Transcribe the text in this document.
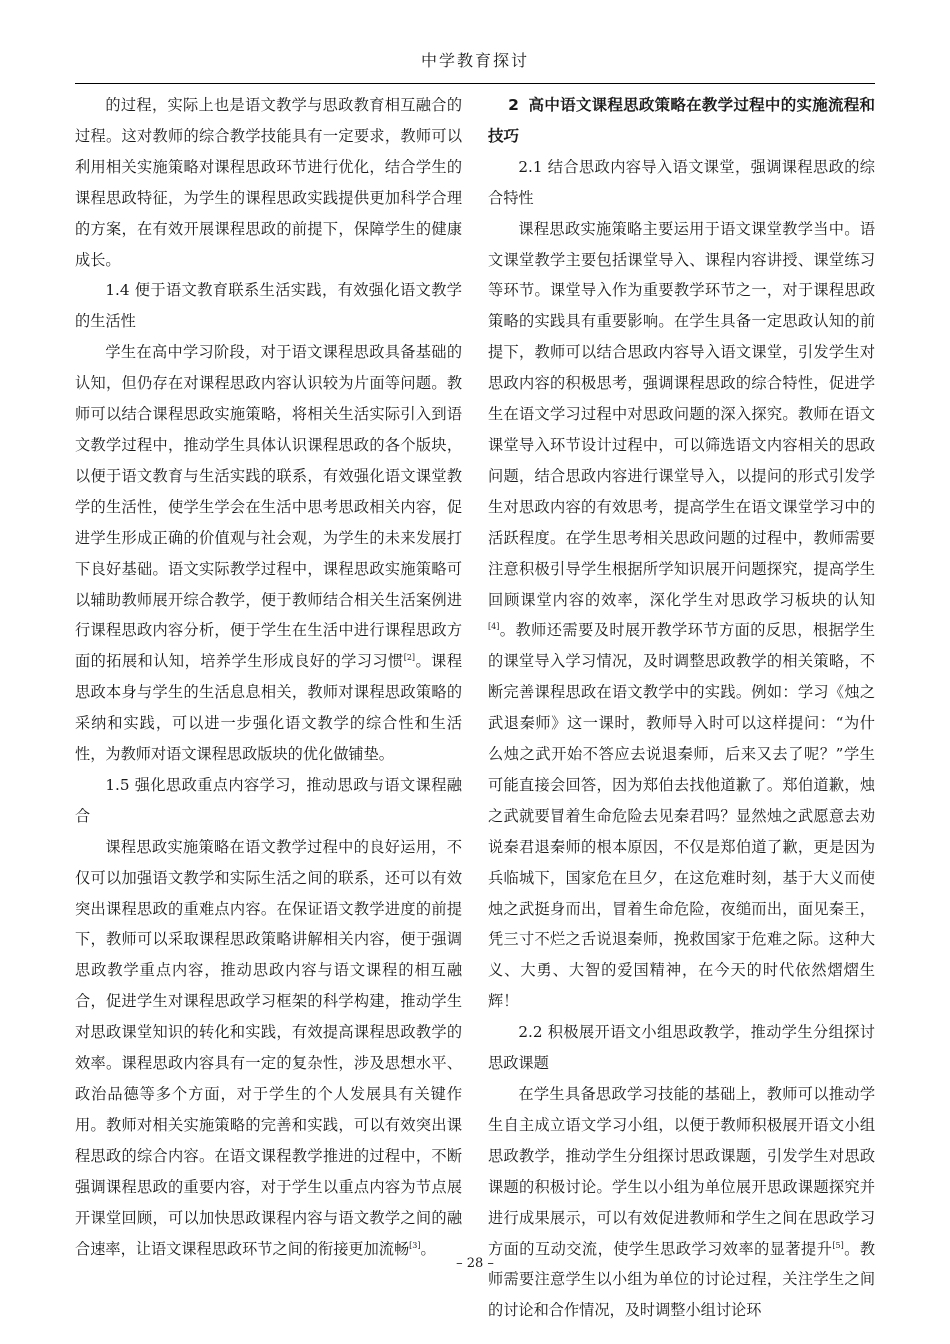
中学教育探讨

的过程，实际上也是语文教学与思政教育相互融合的过程。这对教师的综合教学技能具有一定要求，教师可以利用相关实施策略对课程思政环节进行优化，结合学生的课程思政特征，为学生的课程思政实践提供更加科学合理的方案，在有效开展课程思政的前提下，保障学生的健康成长。

1.4 便于语文教育联系生活实践，有效强化语文教学的生活性

学生在高中学习阶段，对于语文课程思政具备基础的认知，但仍存在对课程思政内容认识较为片面等问题。教师可以结合课程思政实施策略，将相关生活实际引入到语文教学过程中，推动学生具体认识课程思政的各个版块，以便于语文教育与生活实践的联系，有效强化语文课堂教学的生活性，使学生学会在生活中思考思政相关内容，促进学生形成正确的价值观与社会观，为学生的未来发展打下良好基础。语文实际教学过程中，课程思政实施策略可以辅助教师展开综合教学，便于教师结合相关生活案例进行课程思政内容分析，便于学生在生活中进行课程思政方面的拓展和认知，培养学生形成良好的学习习惯[2]。课程思政本身与学生的生活息息相关，教师对课程思政策略的采纳和实践，可以进一步强化语文教学的综合性和生活性，为教师对语文课程思政版块的优化做铺垫。

1.5 强化思政重点内容学习，推动思政与语文课程融合

课程思政实施策略在语文教学过程中的良好运用，不仅可以加强语文教学和实际生活之间的联系，还可以有效突出课程思政的重难点内容。在保证语文教学进度的前提下，教师可以采取课程思政策略讲解相关内容，便于强调思政教学重点内容，推动思政内容与语文课程的相互融合，促进学生对课程思政学习框架的科学构建，推动学生对思政课堂知识的转化和实践，有效提高课程思政教学的效率。课程思政内容具有一定的复杂性，涉及思想水平、政治品德等多个方面，对于学生的个人发展具有关键作用。教师对相关实施策略的完善和实践，可以有效突出课程思政的综合内容。在语文课程教学推进的过程中，不断强调课程思政的重要内容，对于学生以重点内容为节点展开课堂回顾，可以加快思政课程内容与语文教学之间的融合速率，让语文课程思政环节之间的衔接更加流畅[3]。

2 高中语文课程思政策略在教学过程中的实施流程和技巧
2.1 结合思政内容导入语文课堂，强调课程思政的综合特性

课程思政实施策略主要运用于语文课堂教学当中。语文课堂教学主要包括课堂导入、课程内容讲授、课堂练习等环节。课堂导入作为重要教学环节之一，对于课程思政策略的实践具有重要影响。在学生具备一定思政认知的前提下，教师可以结合思政内容导入语文课堂，引发学生对思政内容的积极思考，强调课程思政的综合特性，促进学生在语文学习过程中对思政问题的深入探究。教师在语文课堂导入环节设计过程中，可以筛选语文内容相关的思政问题，结合思政内容进行课堂导入，以提问的形式引发学生对思政内容的有效思考，提高学生在语文课堂学习中的活跃程度。在学生思考相关思政问题的过程中，教师需要注意积极引导学生根据所学知识展开问题探究，提高学生回顾课堂内容的效率，深化学生对思政学习板块的认知[4]。教师还需要及时展开教学环节方面的反思，根据学生的课堂导入学习情况，及时调整思政教学的相关策略，不断完善课程思政在语文教学中的实践。例如：学习《烛之武退秦师》这一课时，教师导入时可以这样提问：“为什么烛之武开始不答应去说退秦师，后来又去了呢？”学生可能直接会回答，因为郑伯去找他道歉了。郑伯道歉，烛之武就要冒着生命危险去见秦君吗？显然烛之武愿意去劝说秦君退秦师的根本原因，不仅是郑伯道了歉，更是因为兵临城下，国家危在旦夕，在这危难时刻，基于大义而使烛之武挺身而出，冒着生命危险，夜缒而出，面见秦王，凭三寸不烂之舌说退秦师，挽救国家于危难之际。这种大义、大勇、大智的爱国精神，在今天的时代依然熠熠生辉！

2.2 积极展开语文小组思政教学，推动学生分组探讨思政课题

在学生具备思政学习技能的基础上，教师可以推动学生自主成立语文学习小组，以便于教师积极展开语文小组思政教学，推动学生分组探讨思政课题，引发学生对思政课题的积极讨论。学生以小组为单位展开思政课题探究并进行成果展示，可以有效促进教师和学生之间在思政学习方面的互动交流，使学生思政学习效率的显著提升[5]。教师需要注意学生以小组为单位的讨论过程，关注学生之间的讨论和合作情况，及时调整小组讨论环

– 28 –
